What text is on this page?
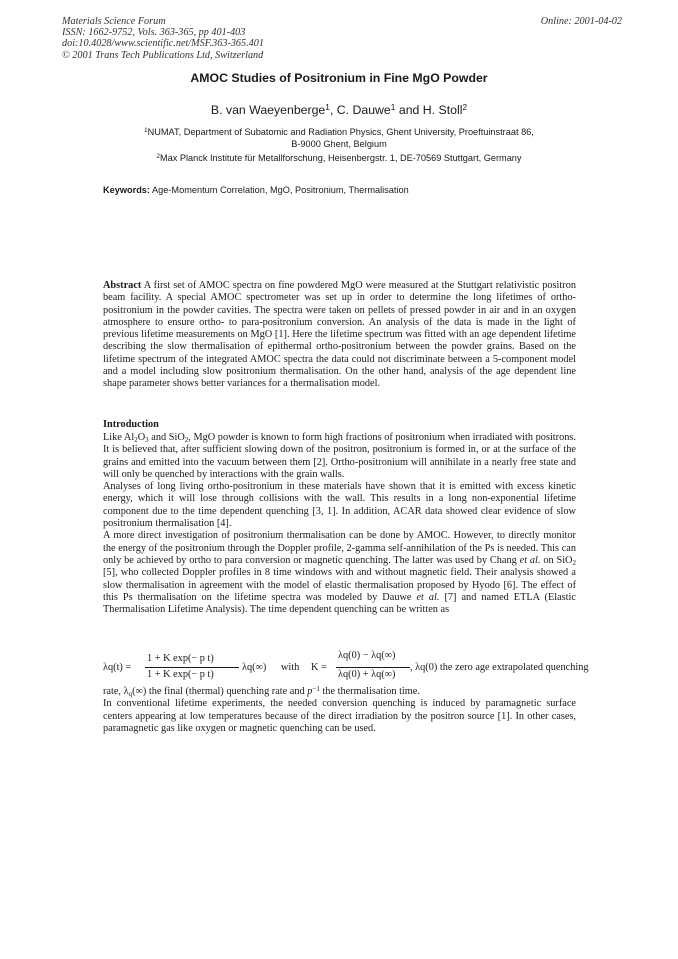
Materials Science Forum
ISSN: 1662-9752, Vols. 363-365, pp 401-403
doi:10.4028/www.scientific.net/MSF.363-365.401
© 2001 Trans Tech Publications Ltd, Switzerland
Online: 2001-04-02
AMOC Studies of Positronium in Fine MgO Powder
B. van Waeyenberge$^1$, C. Dauwe$^1$ and H. Stoll$^2$
$^1$NUMAT, Department of Subatomic and Radiation Physics, Ghent University, Proeftuinstraat 86,
B-9000 Ghent, Belgium
$^2$Max Planck Institute für Metallforschung, Heisenbergstr. 1, DE-70569 Stuttgart, Germany
Keywords: Age-Momentum Correlation, MgO, Positronium, Thermalisation
Abstract A first set of AMOC spectra on fine powdered MgO were measured at the Stuttgart relativistic positron beam facility. A special AMOC spectrometer was set up in order to determine the long lifetimes of ortho-positronium in the powder cavities. The spectra were taken on pellets of pressed powder in air and in an oxygen atmosphere to ensure ortho- to para-positronium conversion. An analysis of the data is made in the light of previous lifetime measurements on MgO [1]. Here the lifetime spectrum was fitted with an age dependent lifetime describing the slow thermalisation of epithermal ortho-positronium between the powder grains. Based on the lifetime spectrum of the integrated AMOC spectra the data could not discriminate between a 5-component model and a model including slow positronium thermalisation. On the other hand, analysis of the age dependent line shape parameter shows better variances for a thermalisation model.
Introduction
Like $Al_2O_3$ and SiO$_2$, MgO powder is known to form high fractions of positronium when irradiated with positrons. It is believed that, after sufficient slowing down of the positron, positronium is formed in, or at the surface of the grains and emitted into the vacuum between them [2]. Ortho-positronium will annihilate in a nearly free state and will only be quenched by interactions with the grain walls.
Analyses of long living ortho-positronium in these materials have shown that it is emitted with excess kinetic energy, which it will lose through collisions with the wall. This results in a long non-exponential lifetime component due to the time dependent quenching [3, 1]. In addition, ACAR data showed clear evidence of slow positronium thermalisation [4].
A more direct investigation of positronium thermalisation can be done by AMOC. However, to directly monitor the energy of the positronium through the Doppler profile, 2-gamma self-annihilation of the Ps is needed. This can only be achieved by ortho to para conversion or magnetic quenching. The latter was used by Chang et al. on SiO$_2$ [5], who collected Doppler profiles in 8 time windows with and without magnetic field. Their analysis showed a slow thermalisation in agreement with the model of elastic thermalisation proposed by Hyodo [6]. The effect of this Ps thermalisation on the lifetime spectra was modeled by Dauwe et al. [7] and named ETLA (Elastic Thermalisation Lifetime Analysis). The time dependent quenching can be written as
λq(t) =
1 + K exp(− p t)
1 + K exp(− p t)
λq(∞) with K =
λq(0) − λq(∞)
λq(0) + λq(∞)
, λq(0) the zero age extrapolated quenching
rate, $\lambda_q(\infty)$ the final (thermal) quenching rate and $p^{-1}$ the thermalisation time.
In conventional lifetime experiments, the needed conversion quenching is induced by paramagnetic surface centers appearing at low temperatures because of the direct irradiation by the positron source [1]. In other cases, paramagnetic gas like oxygen or magnetic quenching can be used.
